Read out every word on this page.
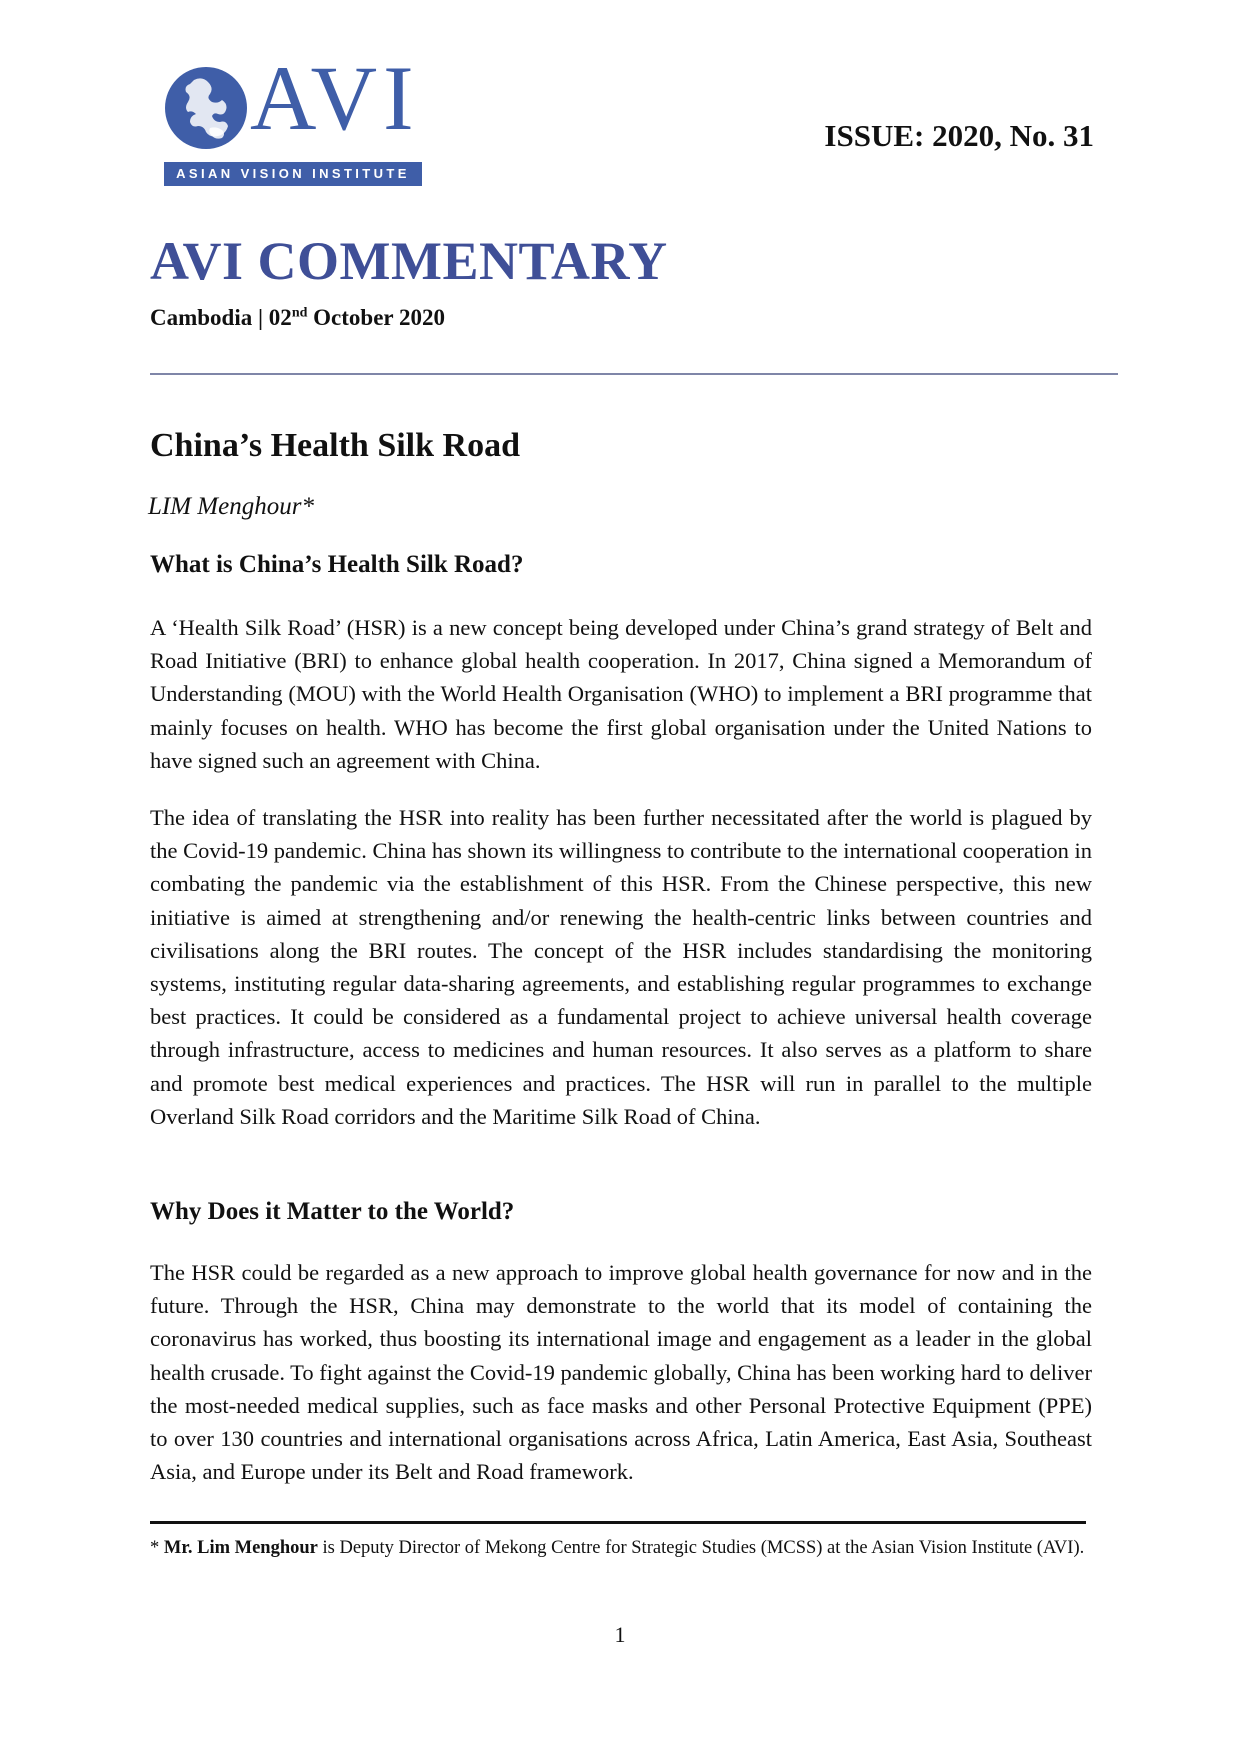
AVI
ASIAN VISION INSTITUTE
ISSUE: 2020, No. 31
AVI COMMENTARY
Cambodia | 02nd October 2020
China’s Health Silk Road
LIM Menghour*
What is China’s Health Silk Road?
A ‘Health Silk Road’ (HSR) is a new concept being developed under China’s grand strategy of Belt and Road Initiative (BRI) to enhance global health cooperation. In 2017, China signed a Memorandum of Understanding (MOU) with the World Health Organisation (WHO) to implement a BRI programme that mainly focuses on health. WHO has become the first global organisation under the United Nations to have signed such an agreement with China.
The idea of translating the HSR into reality has been further necessitated after the world is plagued by the Covid-19 pandemic. China has shown its willingness to contribute to the international cooperation in combating the pandemic via the establishment of this HSR. From the Chinese perspective, this new initiative is aimed at strengthening and/or renewing the health-centric links between countries and civilisations along the BRI routes. The concept of the HSR includes standardising the monitoring systems, instituting regular data-sharing agreements, and establishing regular programmes to exchange best practices. It could be considered as a fundamental project to achieve universal health coverage through infrastructure, access to medicines and human resources. It also serves as a platform to share and promote best medical experiences and practices. The HSR will run in parallel to the multiple Overland Silk Road corridors and the Maritime Silk Road of China.
Why Does it Matter to the World?
The HSR could be regarded as a new approach to improve global health governance for now and in the future. Through the HSR, China may demonstrate to the world that its model of containing the coronavirus has worked, thus boosting its international image and engagement as a leader in the global health crusade. To fight against the Covid-19 pandemic globally, China has been working hard to deliver the most-needed medical supplies, such as face masks and other Personal Protective Equipment (PPE) to over 130 countries and international organisations across Africa, Latin America, East Asia, Southeast Asia, and Europe under its Belt and Road framework.
* Mr. Lim Menghour is Deputy Director of Mekong Centre for Strategic Studies (MCSS) at the Asian Vision Institute (AVI).
1
